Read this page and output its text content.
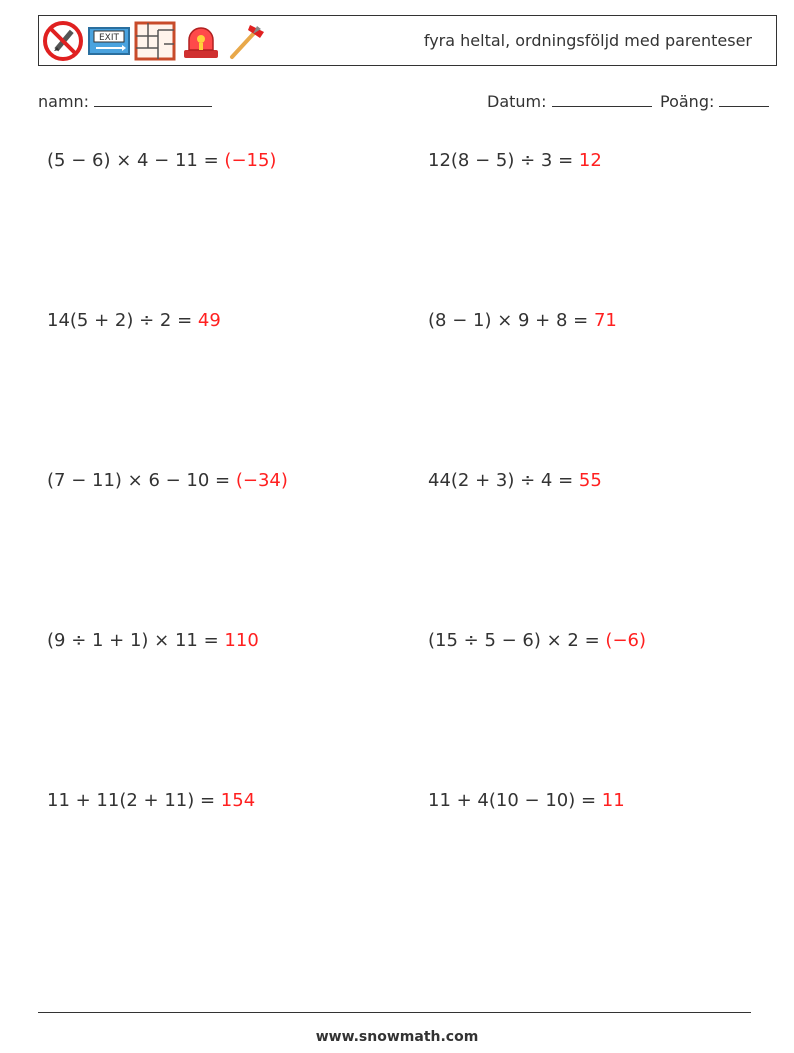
EXIT	fyra heltal, ordningsföljd med parenteser
namn:	Datum:	Poäng:
(5 − 6) × 4 − 11 = (−15)	12(8 − 5) ÷ 3 = 12
14(5 + 2) ÷ 2 = 49	(8 − 1) × 9 + 8 = 71
(7 − 11) × 6 − 10 = (−34)	44(2 + 3) ÷ 4 = 55
(9 ÷ 1 + 1) × 11 = 110	(15 ÷ 5 − 6) × 2 = (−6)
11 + 11(2 + 11) = 154	11 + 4(10 − 10) = 11
www.snowmath.com
